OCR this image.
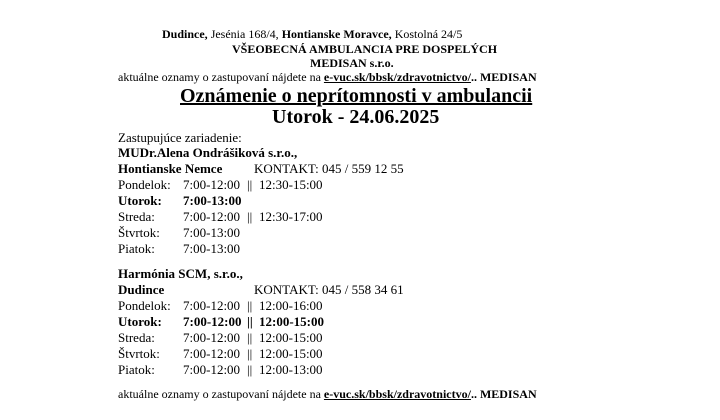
Dudince, Jesénia 168/4, Hontianske Moravce, Kostolná 24/5
VŠEOBECNÁ AMBULANCIA PRE DOSPELÝCH
MEDISAN s.r.o.
aktuálne oznamy o zastupovaní nájdete na e-vuc.sk/bbsk/zdravotnictvo/.. MEDISAN
Oznámenie o neprítomnosti v ambulancii
Utorok - 24.06.2025
Zastupujúce zariadenie:
MUDr.Alena Ondrášiková s.r.o.,
Hontianske Nemce KONTAKT: 045 / 559 12 55
Pondelok: 7:00-12:00 || 12:30-15:00
Utorok: 7:00-13:00
Streda: 7:00-12:00 || 12:30-17:00
Štvrtok: 7:00-13:00
Piatok: 7:00-13:00
Harmónia SCM, s.r.o.,
Dudince	KONTAKT: 045 / 558 34 61
Pondelok: 7:00-12:00 || 12:00-16:00
Utorok: 7:00-12:00 || 12:00-15:00
Streda: 7:00-12:00 || 12:00-15:00
Štvrtok: 7:00-12:00 || 12:00-15:00
Piatok: 7:00-12:00 || 12:00-13:00
aktuálne oznamy o zastupovaní nájdete na e-vuc.sk/bbsk/zdravotnictvo/.. MEDISAN
